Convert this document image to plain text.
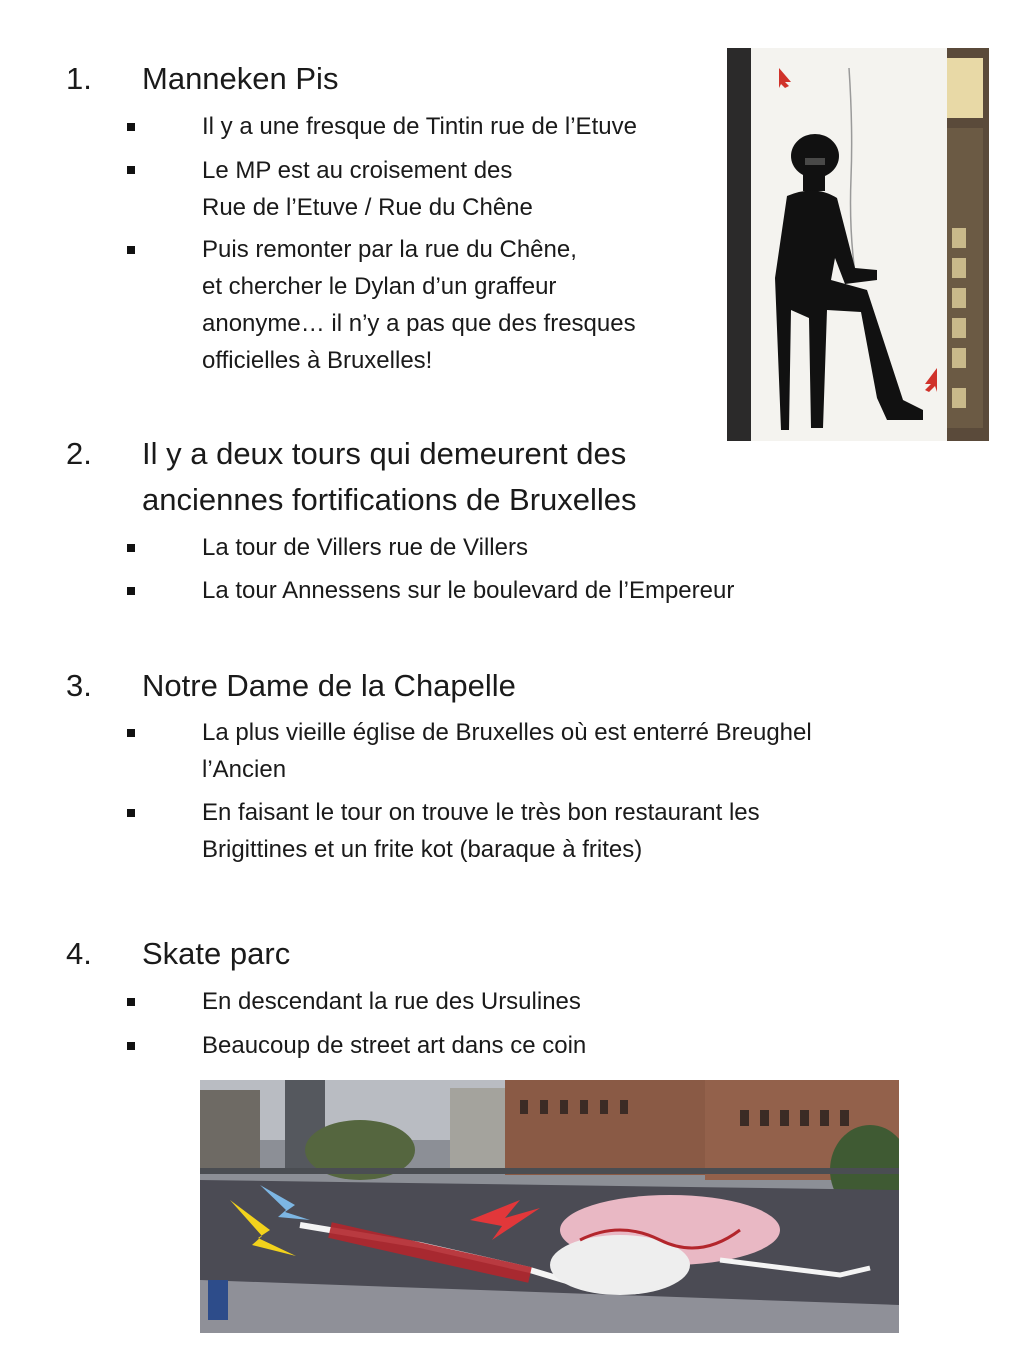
1. Manneken Pis
Il y a une fresque de Tintin rue de l’Etuve
Le MP est au croisement des
Rue de l’Etuve / Rue du Chêne
Puis remonter par la rue du Chêne,
et chercher le Dylan d’un graffeur
anonyme… il n’y a pas que des fresques
officielles à Bruxelles!
2. Il y a deux tours qui demeurent des
anciennes fortifications de Bruxelles
La tour de Villers rue de Villers
La tour Annessens sur le boulevard de l’Empereur
3. Notre Dame de la Chapelle
La plus vieille église de Bruxelles où est enterré Breughel
l’Ancien
En faisant le tour on trouve le très bon restaurant les
Brigittines et un frite kot (baraque à frites)
4. Skate parc
En descendant la rue des Ursulines
Beaucoup de street art dans ce coin
